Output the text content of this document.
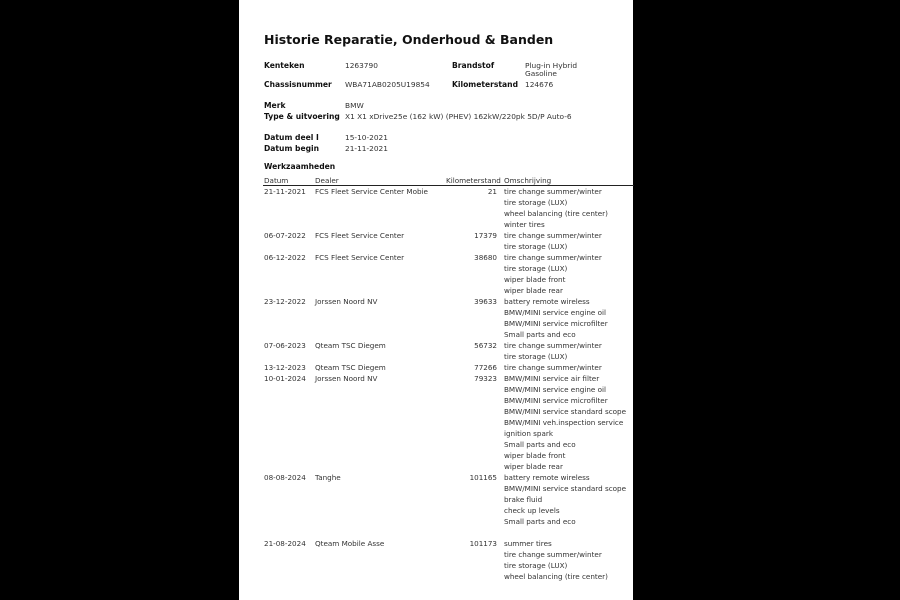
Historie Reparatie, Onderhoud & Banden
Kenteken	1263790	Brandstof	Plug-in Hybrid
Gasoline
Chassisnummer WBA71AB0205U19854	Kilometerstand 124676
Merk	BMW
Type & uitvoering X1 X1 xDrive25e (162 kW) (PHEV) 162kW/220pk 5D/P Auto-6
Datum deel I	15-10-2021
Datum begin	21-11-2021
Werkzaamheden
Datum	Dealer	Kilometerstand Omschrijving
21-11-2021 FCS Fleet Service Center Mobie	21 tire change summer/winter
tire storage (LUX)
wheel balancing (tire center)
winter tires
06-07-2022 FCS Fleet Service Center	17379 tire change summer/winter
tire storage (LUX)
06-12-2022 FCS Fleet Service Center	38680 tire change summer/winter
tire storage (LUX)
wiper blade front
wiper blade rear
23-12-2022 Jorssen Noord NV	39633 battery remote wireless
BMW/MINI service engine oil
BMW/MINI service microfilter
Small parts and eco
07-06-2023 Qteam TSC Diegem	56732 tire change summer/winter
tire storage (LUX)
13-12-2023 Qteam TSC Diegem	77266 tire change summer/winter
10-01-2024 Jorssen Noord NV	79323 BMW/MINI service air filter
BMW/MINI service engine oil
BMW/MINI service microfilter
BMW/MINI service standard scope
BMW/MINI veh.inspection service
ignition spark
Small parts and eco
wiper blade front
wiper blade rear
08-08-2024 Tanghe	101165 battery remote wireless
BMW/MINI service standard scope
brake fluid
check up levels
Small parts and eco
21-08-2024 Qteam Mobile Asse	101173 summer tires
tire change summer/winter
tire storage (LUX)
wheel balancing (tire center)
